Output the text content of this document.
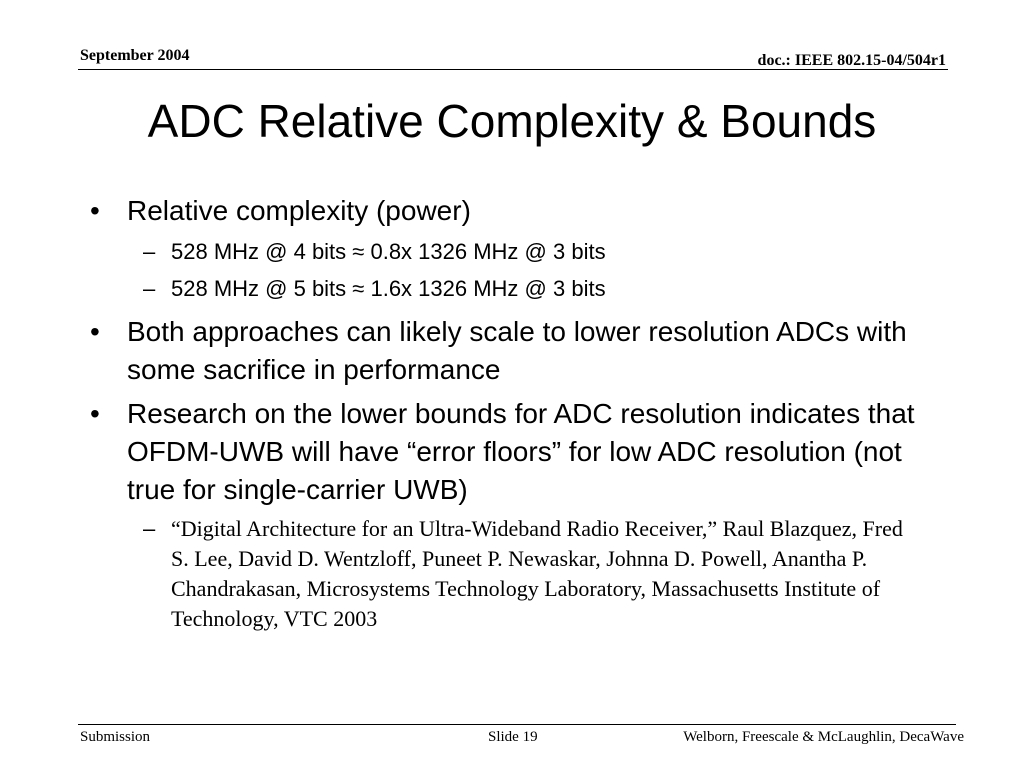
September 2004	doc.: IEEE 802.15-04/504r1
ADC Relative Complexity & Bounds
• Relative complexity (power)
– 528 MHz @ 4 bits ≈ 0.8x 1326 MHz @ 3 bits
– 528 MHz @ 5 bits ≈ 1.6x 1326 MHz @ 3 bits
• Both approaches can likely scale to lower resolution ADCs with some sacrifice in performance
• Research on the lower bounds for ADC resolution indicates that OFDM-UWB will have “error floors” for low ADC resolution (not true for single-carrier UWB)
– “Digital Architecture for an Ultra-Wideband Radio Receiver,” Raul Blazquez, Fred S. Lee, David D. Wentzloff, Puneet P. Newaskar, Johnna D. Powell, Anantha P. Chandrakasan, Microsystems Technology Laboratory, Massachusetts Institute of Technology, VTC 2003
Submission	Slide 19	Welborn, Freescale & McLaughlin, DecaWave
